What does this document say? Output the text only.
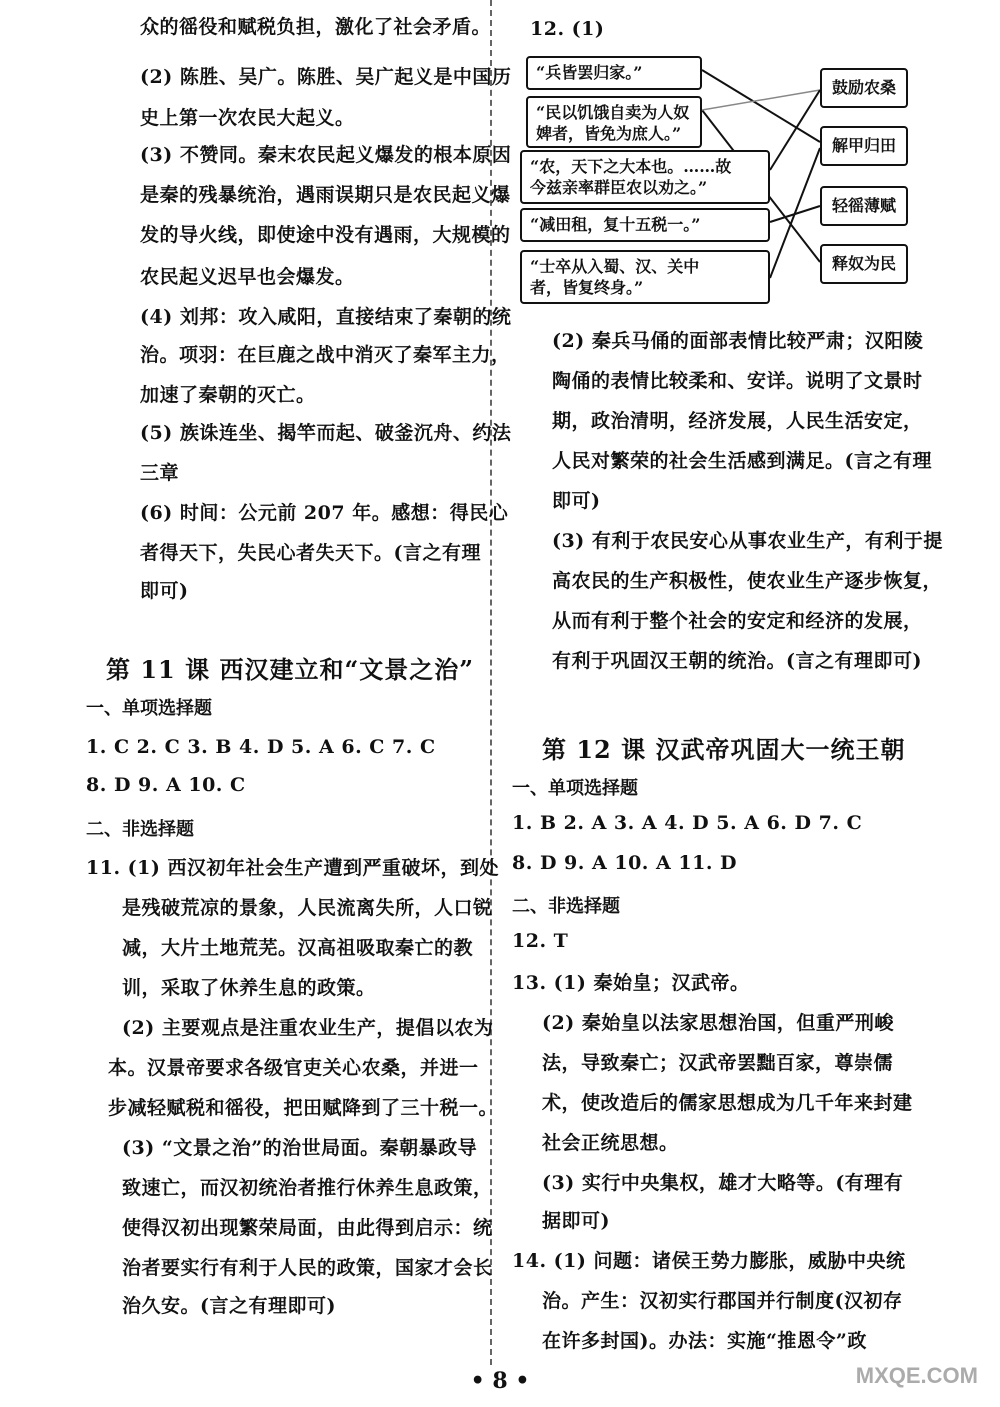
众的徭役和赋税负担，激化了社会矛盾。
(2) 陈胜、吴广。陈胜、吴广起义是中国历
史上第一次农民大起义。
(3) 不赞同。秦末农民起义爆发的根本原因
是秦的残暴统治，遇雨误期只是农民起义爆
发的导火线，即使途中没有遇雨，大规模的
农民起义迟早也会爆发。
(4) 刘邦：攻入咸阳，直接结束了秦朝的统
治。项羽：在巨鹿之战中消灭了秦军主力，
加速了秦朝的灭亡。
(5) 族诛连坐、揭竿而起、破釜沉舟、约法
三章
(6) 时间：公元前 207 年。感想：得民心
者得天下，失民心者失天下。(言之有理
即可)
第 11 课 西汉建立和“文景之治”
一、单项选择题
1. C 2. C 3. B 4. D 5. A 6. C 7. C
8. D 9. A 10. C
二、非选择题
11. (1) 西汉初年社会生产遭到严重破坏，到处
是残破荒凉的景象，人民流离失所，人口锐
减，大片土地荒芜。汉高祖吸取秦亡的教
训，采取了休养生息的政策。
(2) 主要观点是注重农业生产，提倡以农为
本。汉景帝要求各级官吏关心农桑，并进一
步减轻赋税和徭役，把田赋降到了三十税一。
(3) “文景之治”的治世局面。秦朝暴政导
致速亡，而汉初统治者推行休养生息政策，
使得汉初出现繁荣局面，由此得到启示：统
治者要实行有利于人民的政策，国家才会长
治久安。(言之有理即可)
12. (1)
“兵皆罢归家。”
“民以饥饿自卖为人奴
婢者，皆免为庶人。”
“农，天下之大本也。……故
今兹亲率群臣农以劝之。”
“减田租，复十五税一。”
“士卒从入蜀、汉、关中
者，皆复终身。”
鼓励农桑
解甲归田
轻徭薄赋
释奴为民
(2) 秦兵马俑的面部表情比较严肃；汉阳陵
陶俑的表情比较柔和、安详。说明了文景时
期，政治清明，经济发展，人民生活安定，
人民对繁荣的社会生活感到满足。(言之有理
即可)
(3) 有利于农民安心从事农业生产，有利于提
高农民的生产积极性，使农业生产逐步恢复，
从而有利于整个社会的安定和经济的发展，
有利于巩固汉王朝的统治。(言之有理即可)
第 12 课 汉武帝巩固大一统王朝
一、单项选择题
1. B 2. A 3. A 4. D 5. A 6. D 7. C
8. D 9. A 10. A 11. D
二、非选择题
12. T
13. (1) 秦始皇；汉武帝。
(2) 秦始皇以法家思想治国，但重严刑峻
法，导致秦亡；汉武帝罢黜百家，尊崇儒
术，使改造后的儒家思想成为几千年来封建
社会正统思想。
(3) 实行中央集权，雄才大略等。(有理有
据即可)
14. (1) 问题：诸侯王势力膨胀，威胁中央统
治。产生：汉初实行郡国并行制度(汉初存
在许多封国)。办法：实施“推恩令”政
• 8 •	MXQE.COM
